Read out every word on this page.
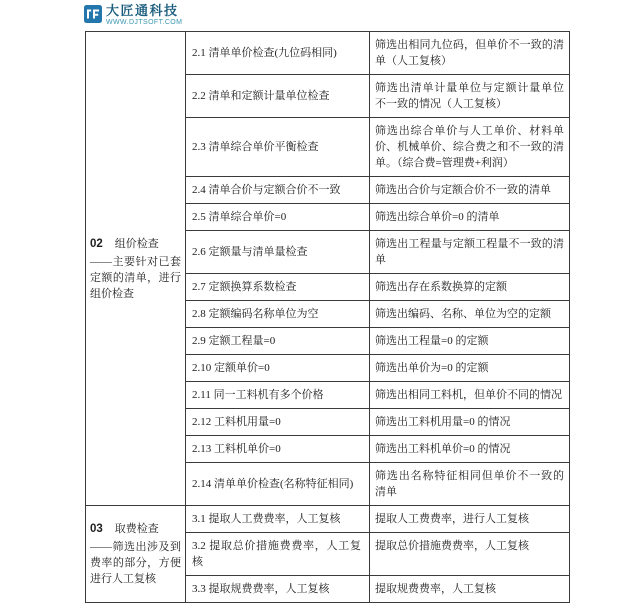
大匠通科技
WWW.DJTSOFT.COM
02 组价检查
——主要针对已套定额的清单，进行组价检查	2.1 清单单价检查(九位码相同)	筛选出相同九位码，但单价不一致的清单（人工复核）
	2.2 清单和定额计量单位检查	筛选出清单计量单位与定额计量单位 不一致的情况（人工复核）
	2.3 清单综合单价平衡检查	筛选出综合单价与人工单价、材料单 价、机械单价、综合费之和不一致的清 单。（综合费=管理费+利润）
	2.4 清单合价与定额合价不一致	筛选出合价与定额合价不一致的清单
	2.5 清单综合单价=0	筛选出综合单价=0 的清单
	2.6 定额量与清单量检查	筛选出工程量与定额工程量不一致的清单
	2.7 定额换算系数检查	筛选出存在系数换算的定额
	2.8 定额编码名称单位为空	筛选出编码、名称、单位为空的定额
	2.9 定额工程量=0	筛选出工程量=0 的定额
	2.10 定额单价=0	筛选出单价为=0 的定额
	2.11 同一工料机有多个价格	筛选出相同工料机，但单价不同的情况
	2.12 工料机用量=0	筛选出工料机用量=0 的情况
	2.13 工料机单价=0	筛选出工料机单价=0 的情况
	2.14 清单单价检查(名称特征相同)	筛选出名称特征相同但单价不一致的 清单

03 取费检查
——筛选出涉及到费率的部分，方便进行人工复核	3.1 提取人工费费率，人工复核	提取人工费费率，进行人工复核
	3.2 提取总价措施费费率，人工复核	提取总价措施费费率，人工复核
	3.3 提取规费费率，人工复核	提取规费费率，人工复核
